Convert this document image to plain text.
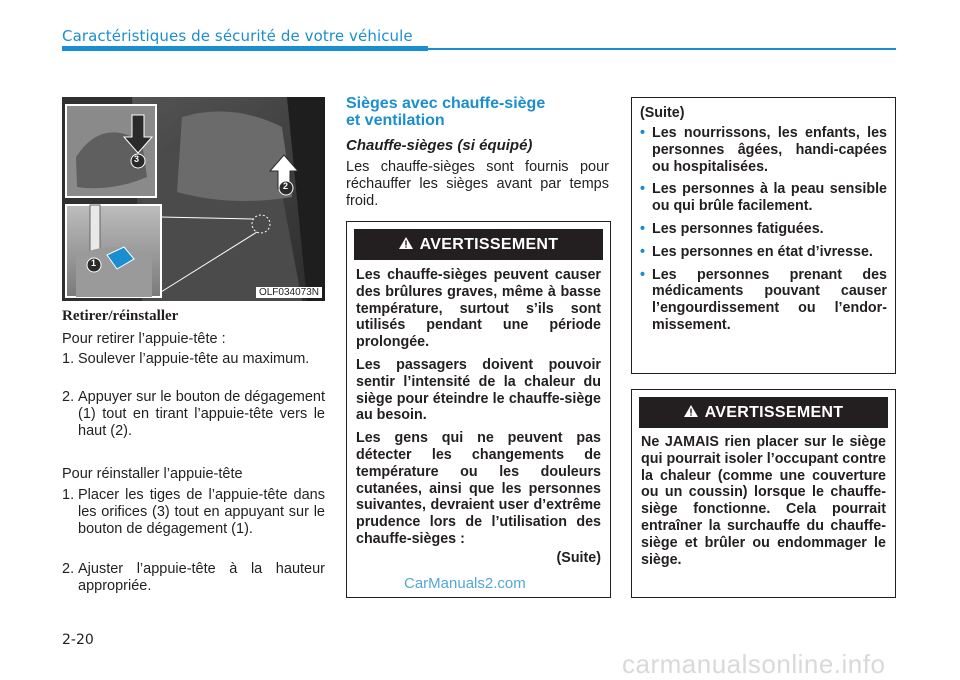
Caractéristiques de sécurité de votre véhicule
3
2
1
OLF034073N
Retirer/réinstaller
Pour retirer l’appuie-tête :
1. Soulever l’appuie-tête au maximum.
2. Appuyer sur le bouton de dégagement (1) tout en tirant l’appuie-tête vers le haut (2).
Pour réinstaller l’appuie-tête
1. Placer les tiges de l’appuie-tête dans les orifices (3) tout en appuyant sur le bouton de dégagement (1).
2. Ajuster l’appuie-tête à la hauteur appropriée.
Sièges avec chauffe-siège
et ventilation
Chauffe-sièges (si équipé)
Les chauffe-sièges sont fournis pour réchauffer les sièges avant par temps froid.
AVERTISSEMENT

Les chauffe-sièges peuvent causer des brûlures graves, même à basse température, surtout s’ils sont utilisés pendant une période prolongée.

Les passagers doivent pouvoir sentir l’intensité de la chaleur du siège pour éteindre le chauffe-siège au besoin.

Les gens qui ne peuvent pas détecter les changements de température ou les douleurs cutanées, ainsi que les personnes suivantes, devraient user d’extrême prudence lors de l’utilisation des chauffe-sièges :

(Suite)

CarManuals2.com
(Suite)
• Les nourrissons, les enfants, les personnes âgées, handi-capées ou hospitalisées.
• Les personnes à la peau sensible ou qui brûle facilement.
• Les personnes fatiguées.
• Les personnes en état d’ivresse.
• Les personnes prenant des médicaments pouvant causer l’engourdissement ou l’endor-missement.
AVERTISSEMENT

Ne JAMAIS rien placer sur le siège qui pourrait isoler l’occupant contre la chaleur (comme une couverture ou un coussin) lorsque le chauffe-siège fonctionne. Cela pourrait entraîner la surchauffe du chauffe-siège et brûler ou endommager le siège.

2-20
carmanualsonline.info
